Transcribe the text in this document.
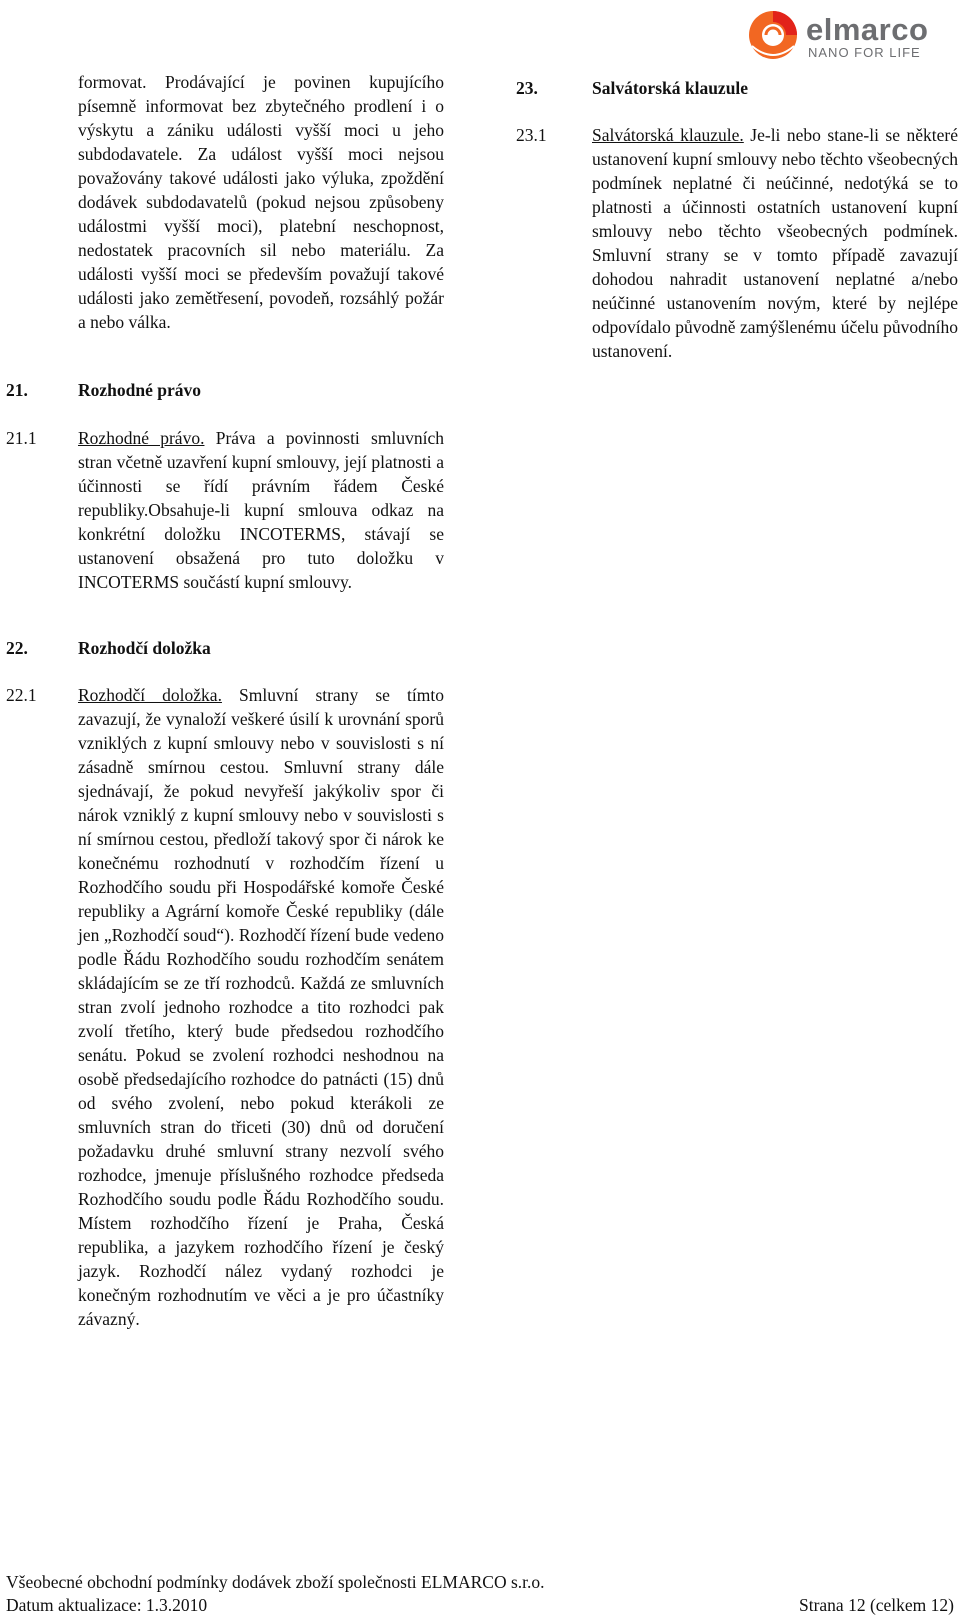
elmarco
NANO FOR LIFE

formovat. Prodávající je povinen kupujícího písemně informovat bez zbytečného prodlení i o výskytu a zániku události vyšší moci u jeho subdodavatele. Za událost vyšší moci nejsou považovány takové události jako výluka, zpoždění dodávek subdodavatelů (pokud nejsou způsobeny událostmi vyšší moci), platební neschopnost, nedostatek pracovních sil nebo materiálu. Za události vyšší moci se především považují takové události jako zemětřesení, povodeň, rozsáhlý požár a nebo válka.

21.	Rozhodné právo
21.1 Rozhodné právo. Práva a povinnosti smluvních stran včetně uzavření kupní smlouvy, její platnosti a účinnosti se řídí právním řádem České republiky.Obsahuje-li kupní smlouva odkaz na konkrétní doložku INCOTERMS, stávají se ustanovení obsažená pro tuto doložku v INCOTERMS součástí kupní smlouvy.

22.	Rozhodčí doložka
22.1 Rozhodčí doložka. Smluvní strany se tímto zavazují, že vynaloží veškeré úsilí k urovnání sporů vzniklých z kupní smlouvy nebo v souvislosti s ní zásadně smírnou cestou. Smluvní strany dále sjednávají, že pokud nevyřeší jakýkoliv spor či nárok vzniklý z kupní smlouvy nebo v souvislosti s ní smírnou cestou, předloží takový spor či nárok ke konečnému rozhodnutí v rozhodčím řízení u Rozhodčího soudu při Hospodářské komoře České republiky a Agrární komoře České republiky (dále jen „Rozhodčí soud“). Rozhodčí řízení bude vedeno podle Řádu Rozhodčího soudu rozhodčím senátem skládajícím se ze tří rozhodců. Každá ze smluvních stran zvolí jednoho rozhodce a tito rozhodci pak zvolí třetího, který bude předsedou rozhodčího senátu. Pokud se zvolení rozhodci neshodnou na osobě předsedajícího rozhodce do patnácti (15) dnů od svého zvolení, nebo pokud kterákoli ze smluvních stran do třiceti (30) dnů od doručení požadavku druhé smluvní strany nezvolí svého rozhodce, jmenuje příslušného rozhodce předseda Rozhodčího soudu podle Řádu Rozhodčího soudu. Místem rozhodčího řízení je Praha, Česká republika, a jazykem rozhodčího řízení je český jazyk. Rozhodčí nález vydaný rozhodci je konečným rozhodnutím ve věci a je pro účastníky závazný.

23.	Salvátorská klauzule
23.1	Salvátorská klauzule. Je-li nebo stane-li se některé ustanovení kupní smlouvy nebo těchto všeobecných podmínek neplatné či neúčinné, nedotýká se to platnosti a účinnosti ostatních ustanovení kupní smlouvy nebo těchto všeobecných podmínek. Smluvní strany se v tomto případě zavazují dohodou nahradit ustanovení neplatné a/nebo neúčinné ustanovením novým, které by nejlépe odpovídalo původně zamýšlenému účelu původního ustanovení.

Všeobecné obchodní podmínky dodávek zboží společnosti ELMARCO s.r.o.
Datum aktualizace: 1.3.2010	Strana 12 (celkem 12)
